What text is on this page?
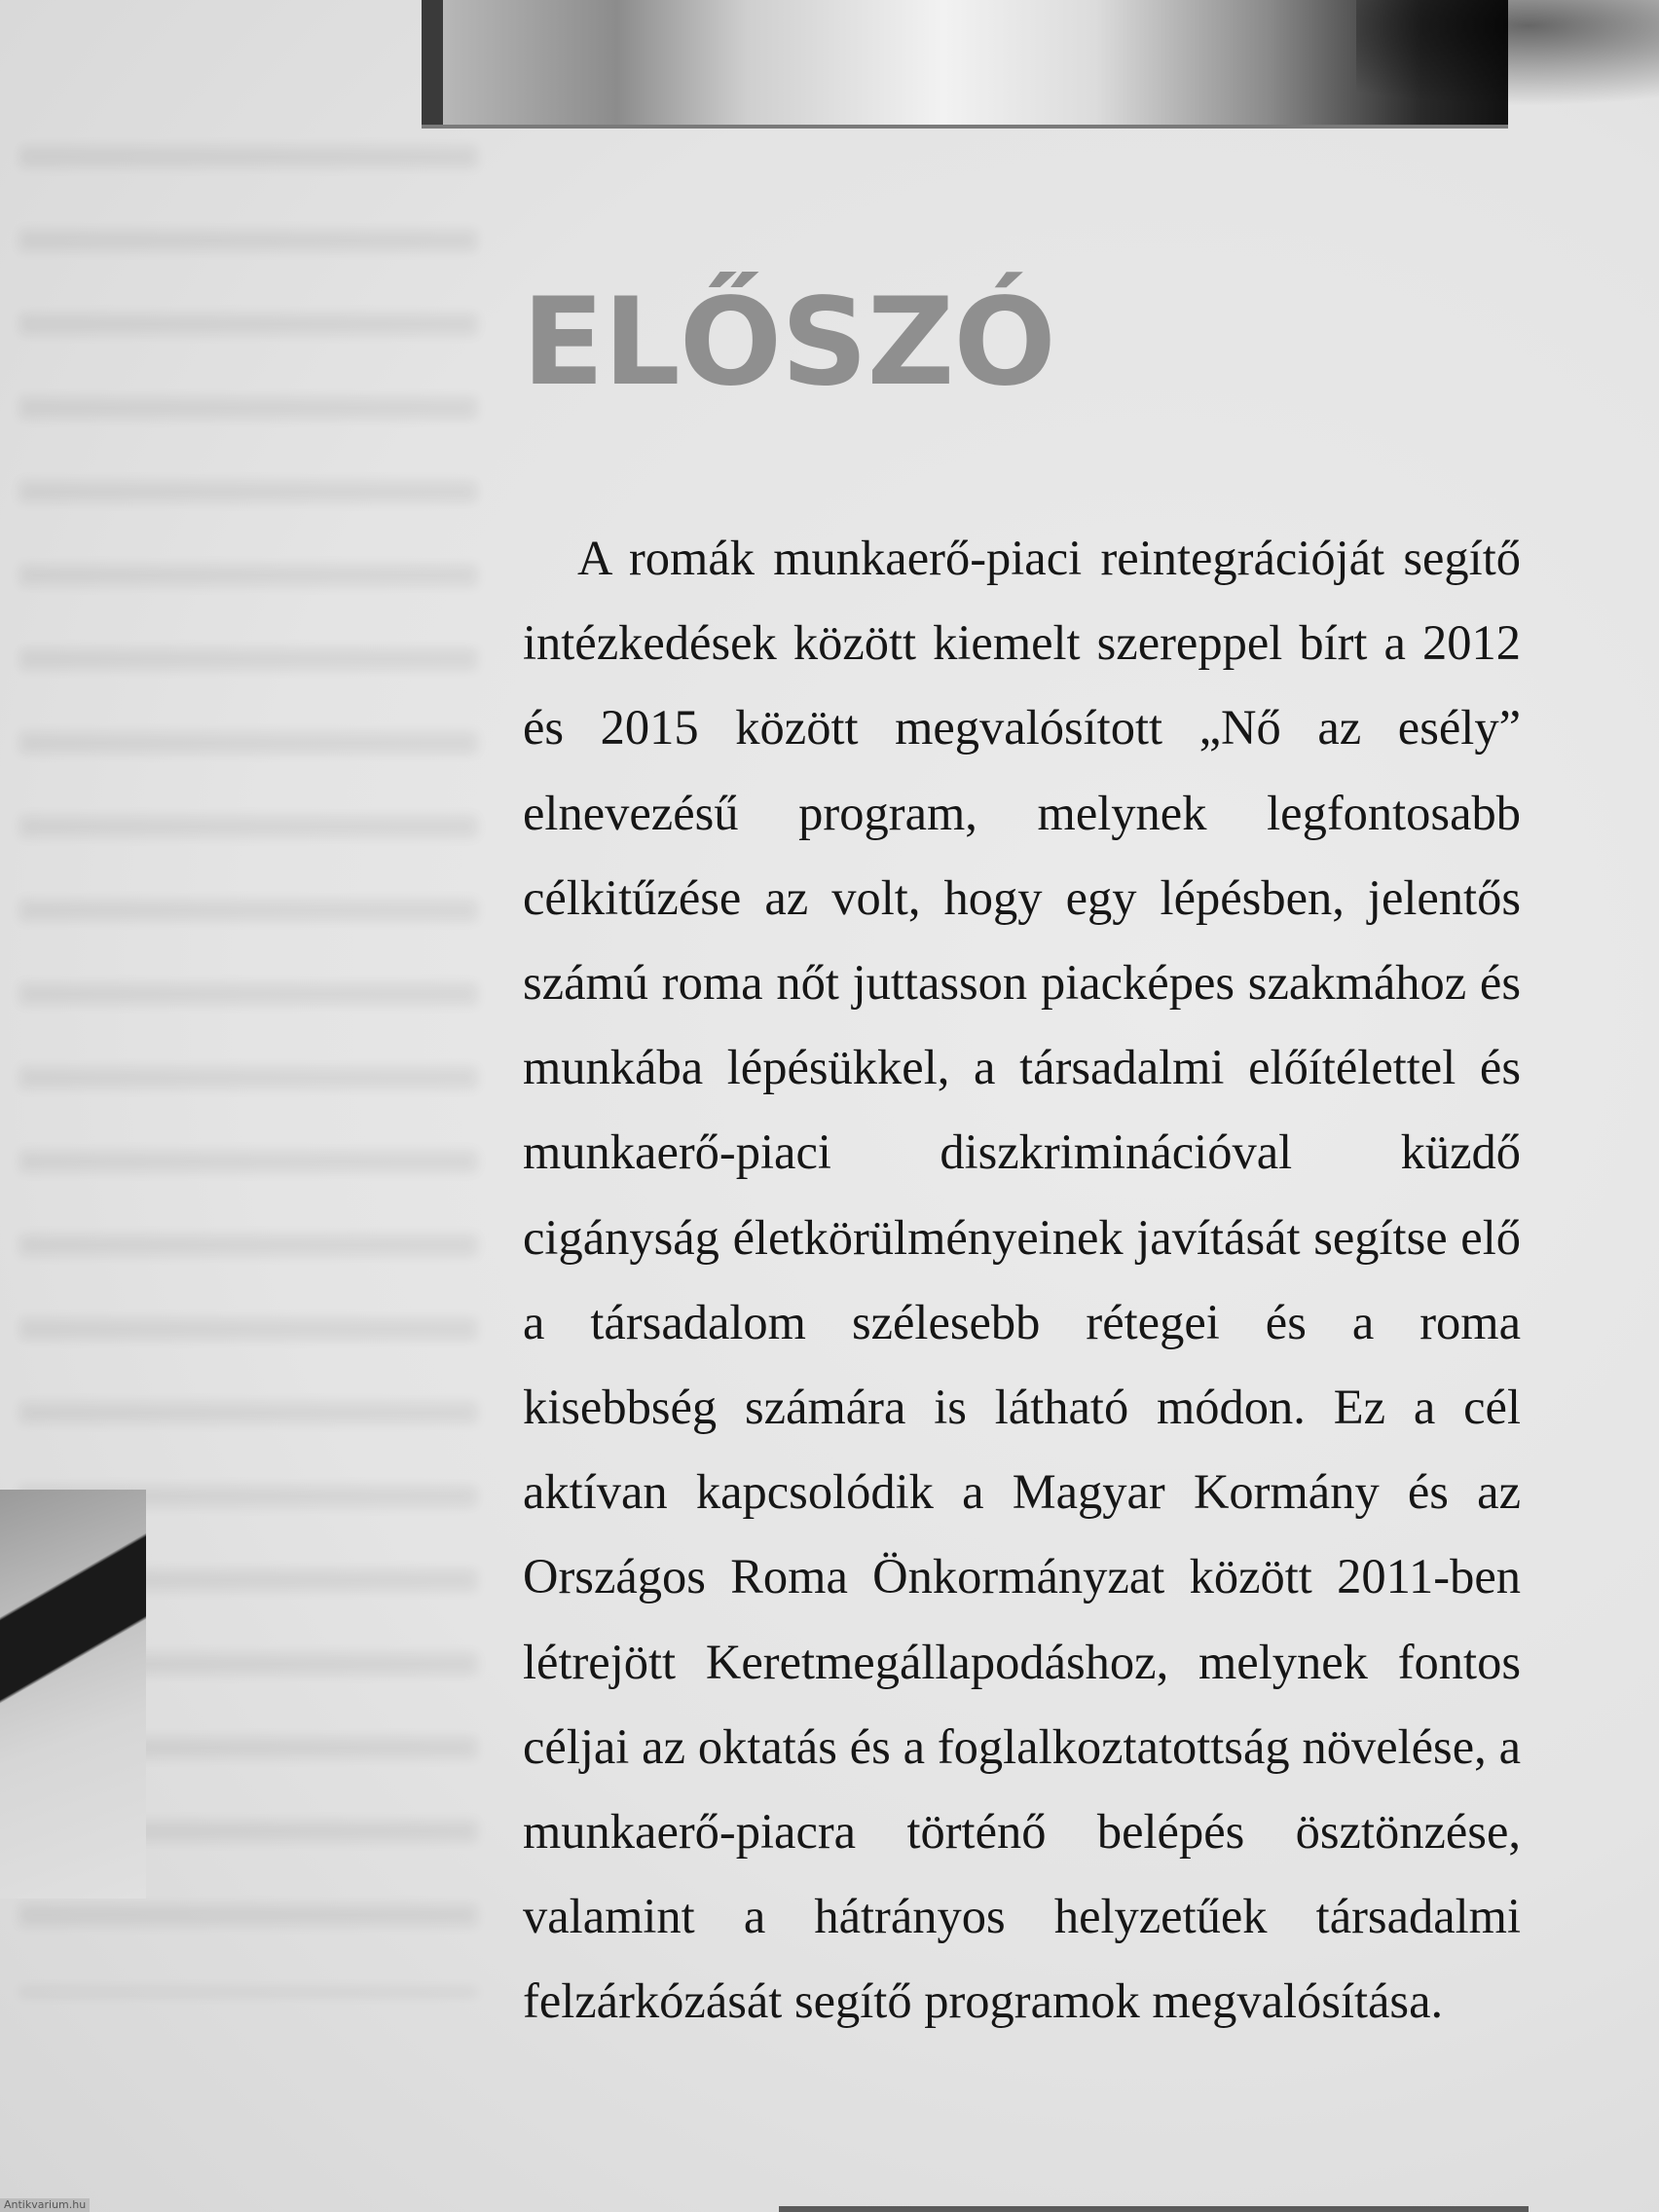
ELŐSZÓ

A romák munkaerő-piaci reintegrációját segítő intézkedések között kiemelt szereppel bírt a 2012 és 2015 között megvalósított „Nő az esély” elnevezésű program, melynek legfontosabb célkitűzése az volt, hogy egy lépésben, jelentős számú roma nőt juttasson piacképes szakmához és munkába lépésükkel, a társadalmi előítélettel és munkaerő-piaci diszkriminációval küzdő cigányság életkörülményeinek javítását segítse elő a társadalom szélesebb rétegei és a roma kisebbség számára is látható módon. Ez a cél aktívan kapcsolódik a Magyar Kormány és az Országos Roma Önkormányzat között 2011-ben létrejött Keretmegállapodáshoz, melynek fontos céljai az oktatás és a foglalkoztatottság növelése, a munkaerő-piacra történő belépés ösztönzése, valamint a hátrányos helyzetűek társadalmi felzárkózását segítő programok megvalósítása.

Antikvarium.hu
